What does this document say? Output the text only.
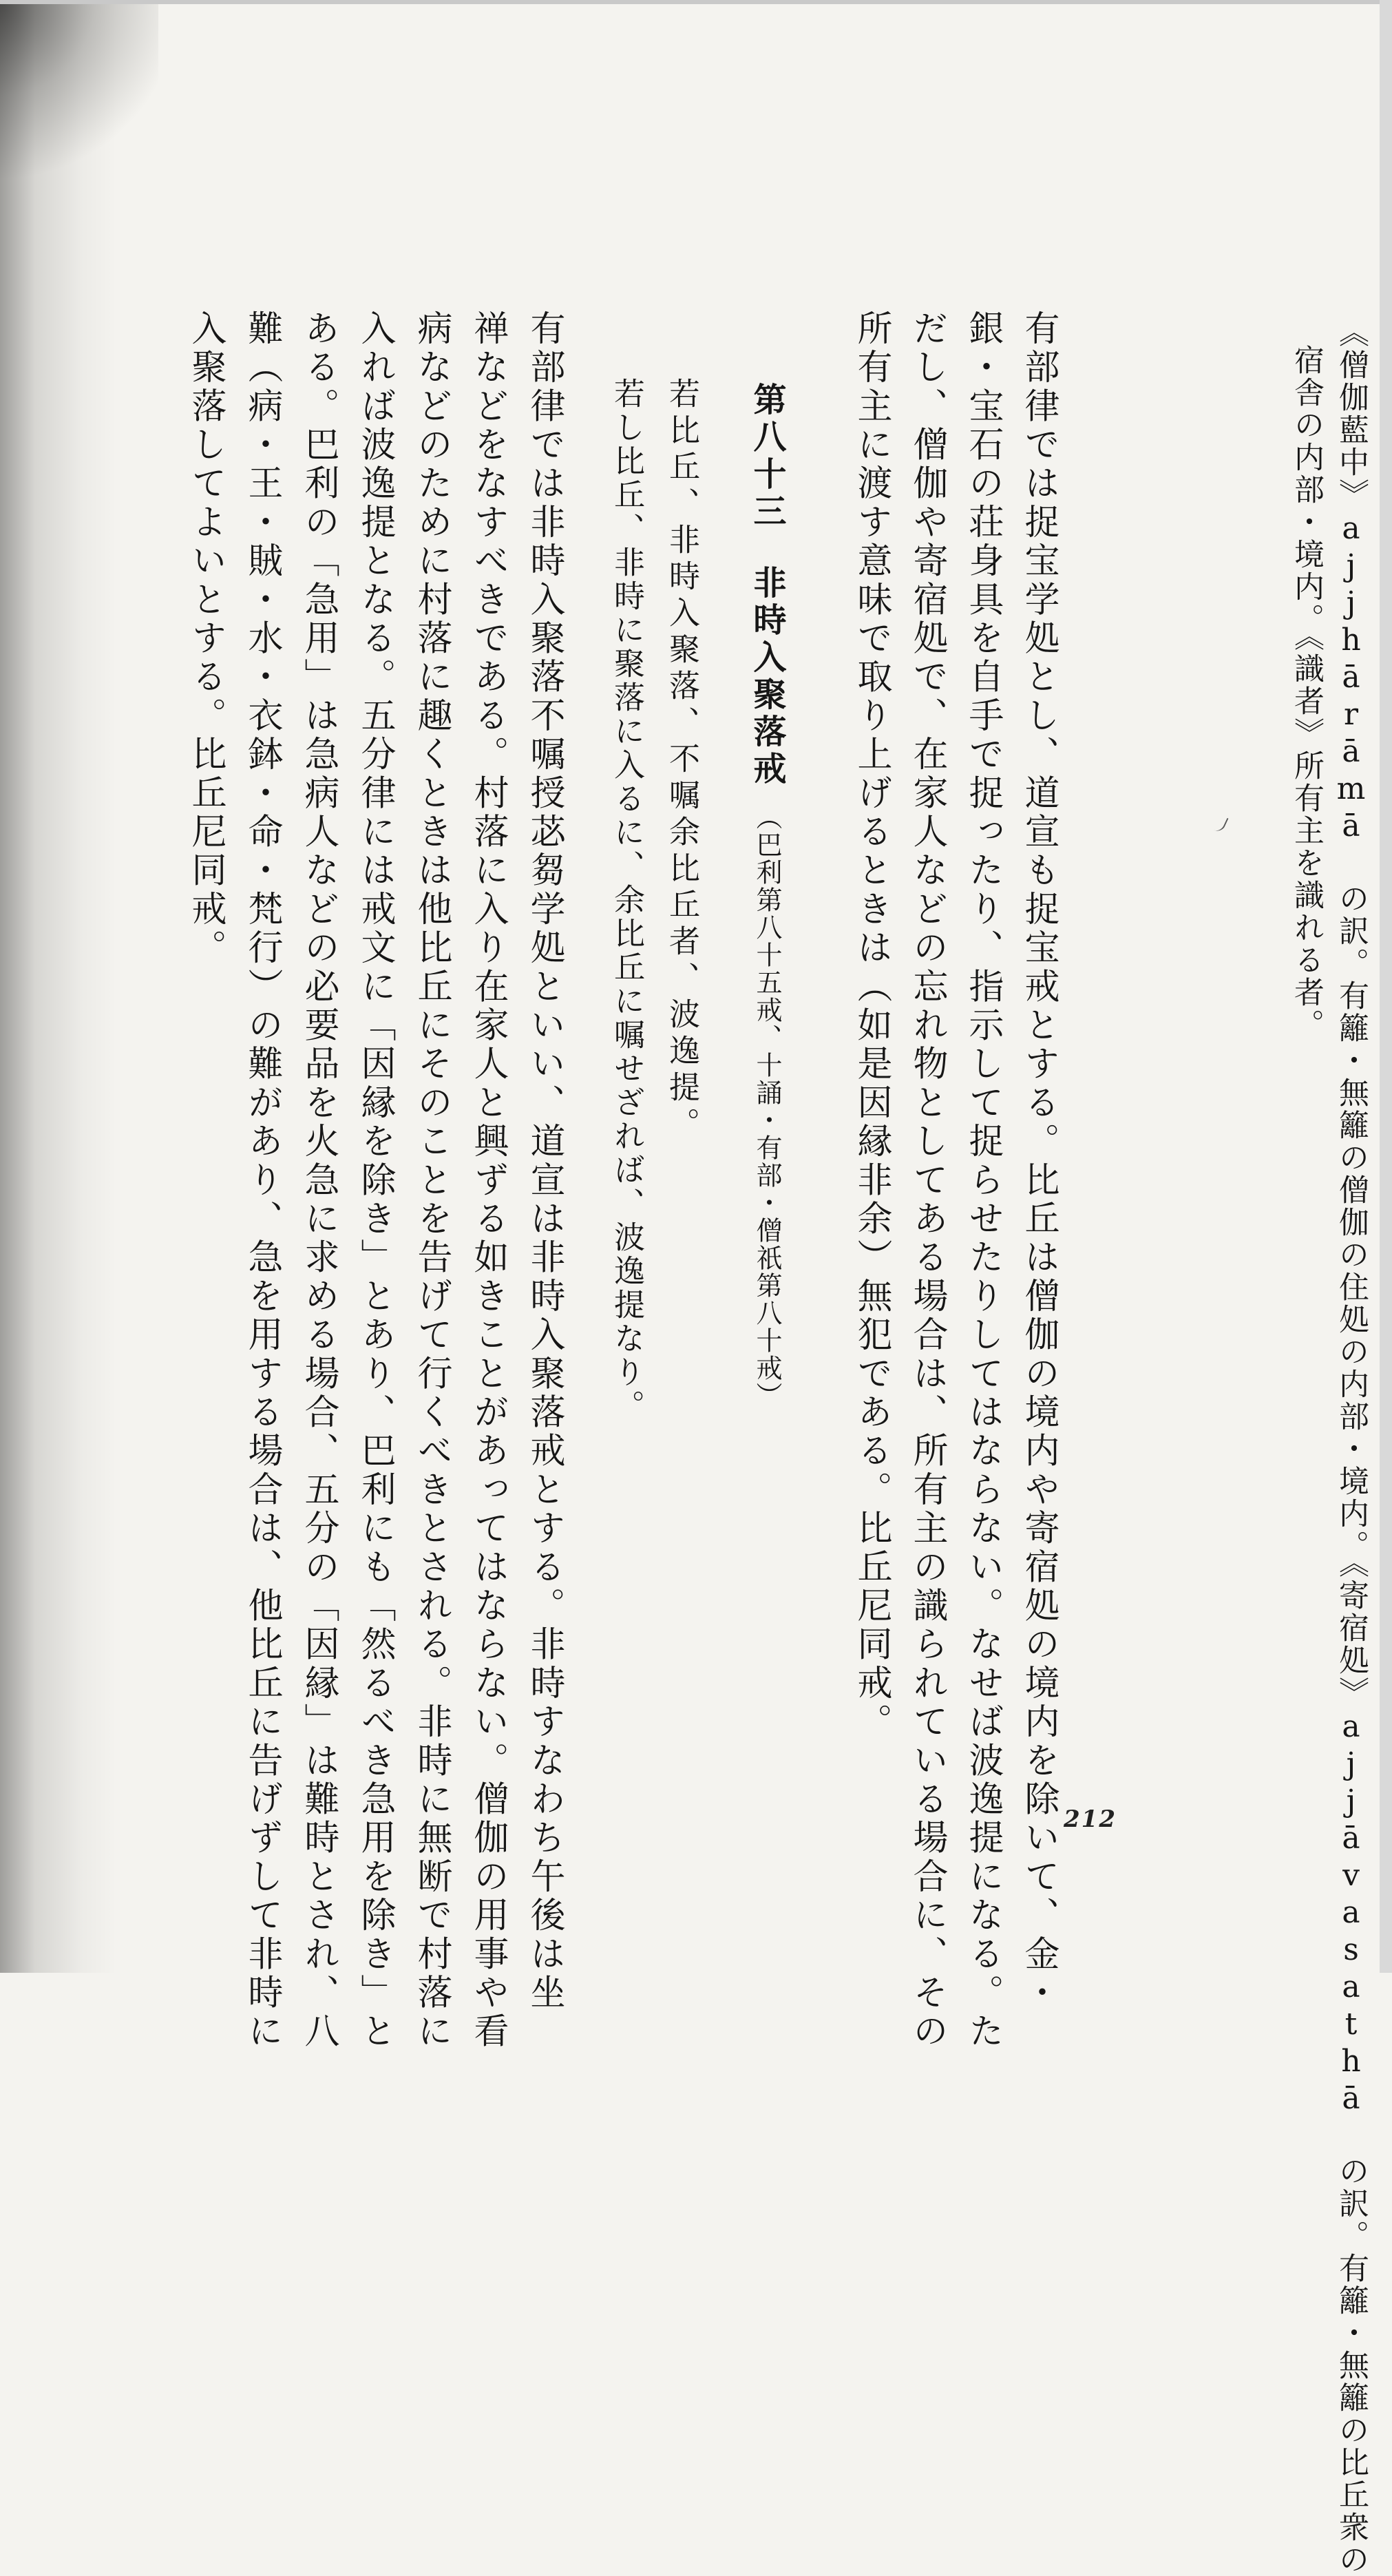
《僧伽藍中》ajjhārāmā の訳。有籬・無籬の僧伽の住処の内部・境内。《寄宿処》ajjāvasathā の訳。有籬・無籬の比丘衆の
宿舎の内部・境内。《識者》所有主を識れる者。
有部律では捉宝学処とし、道宣も捉宝戒とする。比丘は僧伽の境内や寄宿処の境内を除いて、金・
銀・宝石の荘身具を自手で捉ったり、指示して捉らせたりしてはならない。なせば波逸提になる。た
だし、僧伽や寄宿処で、在家人などの忘れ物としてある場合は、所有主の識られている場合に、その
所有主に渡す意味で取り上げるときは（如是因縁非余）無犯である。比丘尼同戒。
第八十三非時入聚落戒（巴利第八十五戒、十誦・有部・僧祇第八十戒）
若比丘、非時入聚落、不嘱余比丘者、波逸提。
若し比丘、非時に聚落に入るに、余比丘に嘱せざれば、波逸提なり。
有部律では非時入聚落不嘱授苾芻学処といい、道宣は非時入聚落戒とする。非時すなわち午後は坐
禅などをなすべきである。村落に入り在家人と興ずる如きことがあってはならない。僧伽の用事や看
病などのために村落に趣くときは他比丘にそのことを告げて行くべきとされる。非時に無断で村落に
入れば波逸提となる。五分律には戒文に「因縁を除き」とあり、巴利にも「然るべき急用を除き」と
ある。巴利の「急用」は急病人などの必要品を火急に求める場合、五分の「因縁」は難時とされ、八
難（病・王・賊・水・衣鉢・命・梵行）の難があり、急を用する場合は、他比丘に告げずして非時に
入聚落してよいとする。比丘尼同戒。
212
